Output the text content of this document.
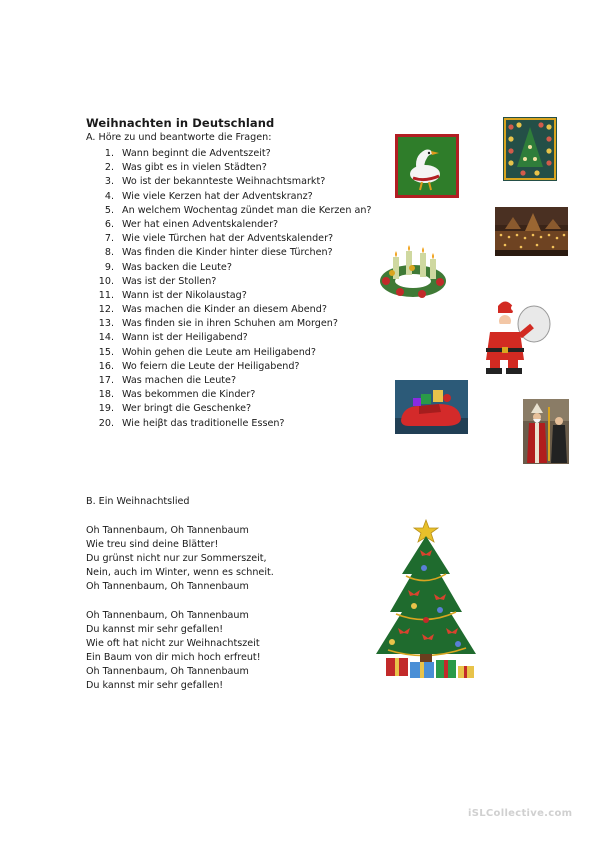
Weihnachten in Deutschland
A. Höre zu und beantworte die Fragen:
1. Wann beginnt die Adventszeit?
2. Was gibt es in vielen Städten?
3. Wo ist der bekannteste Weihnachtsmarkt?
4. Wie viele Kerzen hat der Adventskranz?
5. An welchem Wochentag zündet man die Kerzen an?
6. Wer hat einen Adventskalender?
7. Wie viele Türchen hat der Adventskalender?
8. Was finden die Kinder hinter diese Türchen?
9. Was backen die Leute?
10. Was ist der Stollen?
11. Wann ist der Nikolaustag?
12. Was machen die Kinder an diesem Abend?
13. Was finden sie in ihren Schuhen am Morgen?
14. Wann ist der Heiligabend?
15. Wohin gehen die Leute am Heiligabend?
16. Wo feiern die Leute der Heiligabend?
17. Was machen die Leute?
18. Was bekommen die Kinder?
19. Wer bringt die Geschenke?
20. Wie heiβt das traditionelle Essen?
B. Ein Weihnachtslied
Oh Tannenbaum, Oh Tannenbaum
Wie treu sind deine Blätter!
Du grünst nicht nur zur Sommerszeit,
Nein, auch im Winter, wenn es schneit.
Oh Tannenbaum, Oh Tannenbaum
Oh Tannenbaum, Oh Tannenbaum
Du kannst mir sehr gefallen!
Wie oft hat nicht zur Weihnachtszeit
Ein Baum von dir mich hoch erfreut!
Oh Tannenbaum, Oh Tannenbaum
Du kannst mir sehr gefallen!
iSLCollective.com
